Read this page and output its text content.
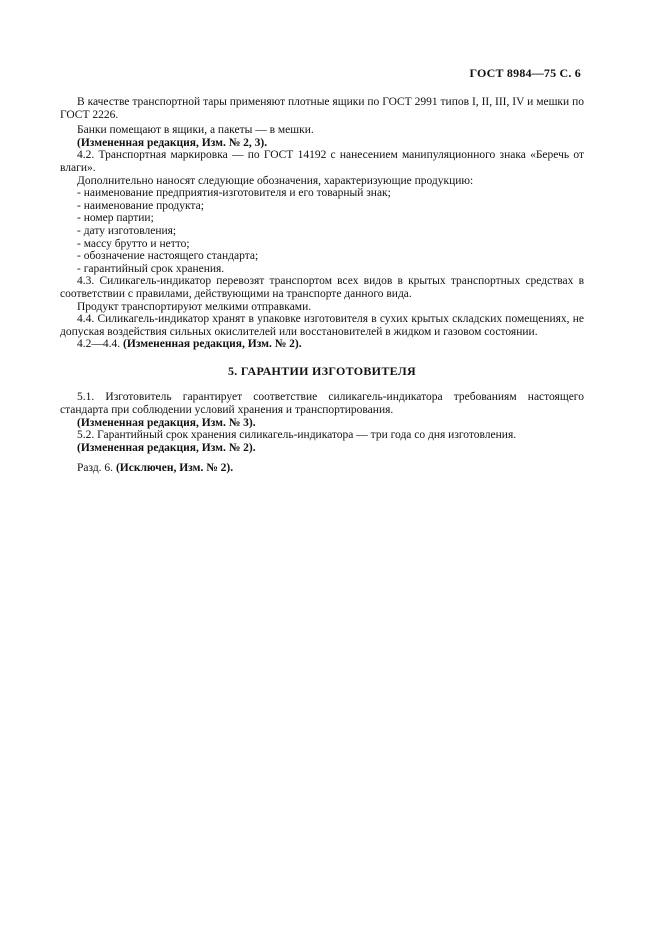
ГОСТ 8984—75 С. 6

В качестве транспортной тары применяют плотные ящики по ГОСТ 2991 типов I, II, III, IV и мешки по ГОСТ 2226.

Банки помещают в ящики, а пакеты — в мешки.

(Измененная редакция, Изм. № 2, 3).

4.2. Транспортная маркировка — по ГОСТ 14192 с нанесением манипуляционного знака «Беречь от влаги».

Дополнительно наносят следующие обозначения, характеризующие продукцию:

- наименование предприятия-изготовителя и его товарный знак;

- наименование продукта;

- номер партии;

- дату изготовления;

- массу брутто и нетто;

- обозначение настоящего стандарта;

- гарантийный срок хранения.

4.3. Силикагель-индикатор перевозят транспортом всех видов в крытых транспортных средствах в соответствии с правилами, действующими на транспорте данного вида.

Продукт транспортируют мелкими отправками.

4.4. Силикагель-индикатор хранят в упаковке изготовителя в сухих крытых складских помещениях, не допуская воздействия сильных окислителей или восстановителей в жидком и газовом состоянии.

4.2—4.4. (Измененная редакция, Изм. № 2).

5. ГАРАНТИИ ИЗГОТОВИТЕЛЯ

5.1. Изготовитель гарантирует соответствие силикагель-индикатора требованиям настоящего стандарта при соблюдении условий хранения и транспортирования.

(Измененная редакция, Изм. № 3).

5.2. Гарантийный срок хранения силикагель-индикатора — три года со дня изготовления.

(Измененная редакция, Изм. № 2).

Разд. 6. (Исключен, Изм. № 2).
